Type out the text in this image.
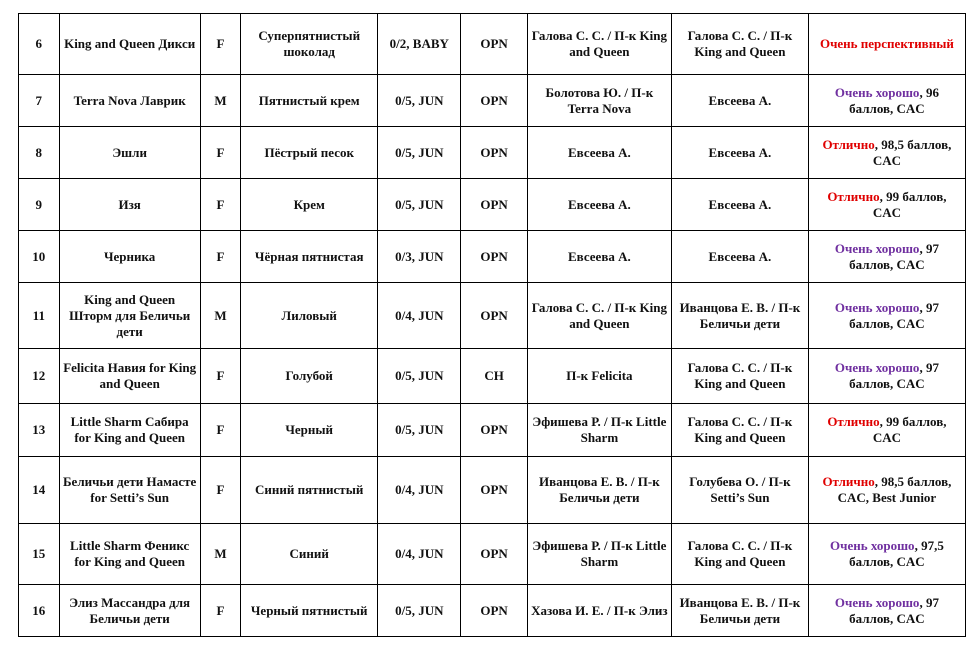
6	King and Queen Дикси	F	Суперпятнистый шоколад	0/2, BABY	OPN	Галова С. С. / П-к King and Queen	Галова С. С. / П-к King and Queen	Очень перспективный
7	Terra Nova Лаврик	M	Пятнистый крем	0/5, JUN	OPN	Болотова Ю. / П-к Terra Nova	Евсеева А.	Очень хорошо, 96 баллов, CAC
8	Эшли	F	Пёстрый песок	0/5, JUN	OPN	Евсеева А.	Евсеева А.	Отлично, 98,5 баллов, CAC
9	Изя	F	Крем	0/5, JUN	OPN	Евсеева А.	Евсеева А.	Отлично, 99 баллов, CAC
10	Черника	F	Чёрная пятнистая	0/3, JUN	OPN	Евсеева А.	Евсеева А.	Очень хорошо, 97 баллов, CAC
11	King and Queen Шторм для Беличьи дети	M	Лиловый	0/4, JUN	OPN	Галова С. С. / П-к King and Queen	Иванцова Е. В. / П-к Беличьи дети	Очень хорошо, 97 баллов, CAC
12	Felicita Навия for King and Queen	F	Голубой	0/5, JUN	CH	П-к Felicita	Галова С. С. / П-к King and Queen	Очень хорошо, 97 баллов, CAC
13	Little Sharm Сабира for King and Queen	F	Черный	0/5, JUN	OPN	Эфишева Р. / П-к Little Sharm	Галова С. С. / П-к King and Queen	Отлично, 99 баллов, CAC
14	Беличьи дети Намасте for Setti’s Sun	F	Синий пятнистый	0/4, JUN	OPN	Иванцова Е. В. / П-к Беличьи дети	Голубева О. / П-к Setti’s Sun	Отлично, 98,5 баллов, CAC, Best Junior
15	Little Sharm Феникс for King and Queen	M	Синий	0/4, JUN	OPN	Эфишева Р. / П-к Little Sharm	Галова С. С. / П-к King and Queen	Очень хорошо, 97,5 баллов, CAC
16	Элиз Массандра для Беличьи дети	F	Черный пятнистый	0/5, JUN	OPN	Хазова И. Е. / П-к Элиз	Иванцова Е. В. / П-к Беличьи дети	Очень хорошо, 97 баллов, CAC
